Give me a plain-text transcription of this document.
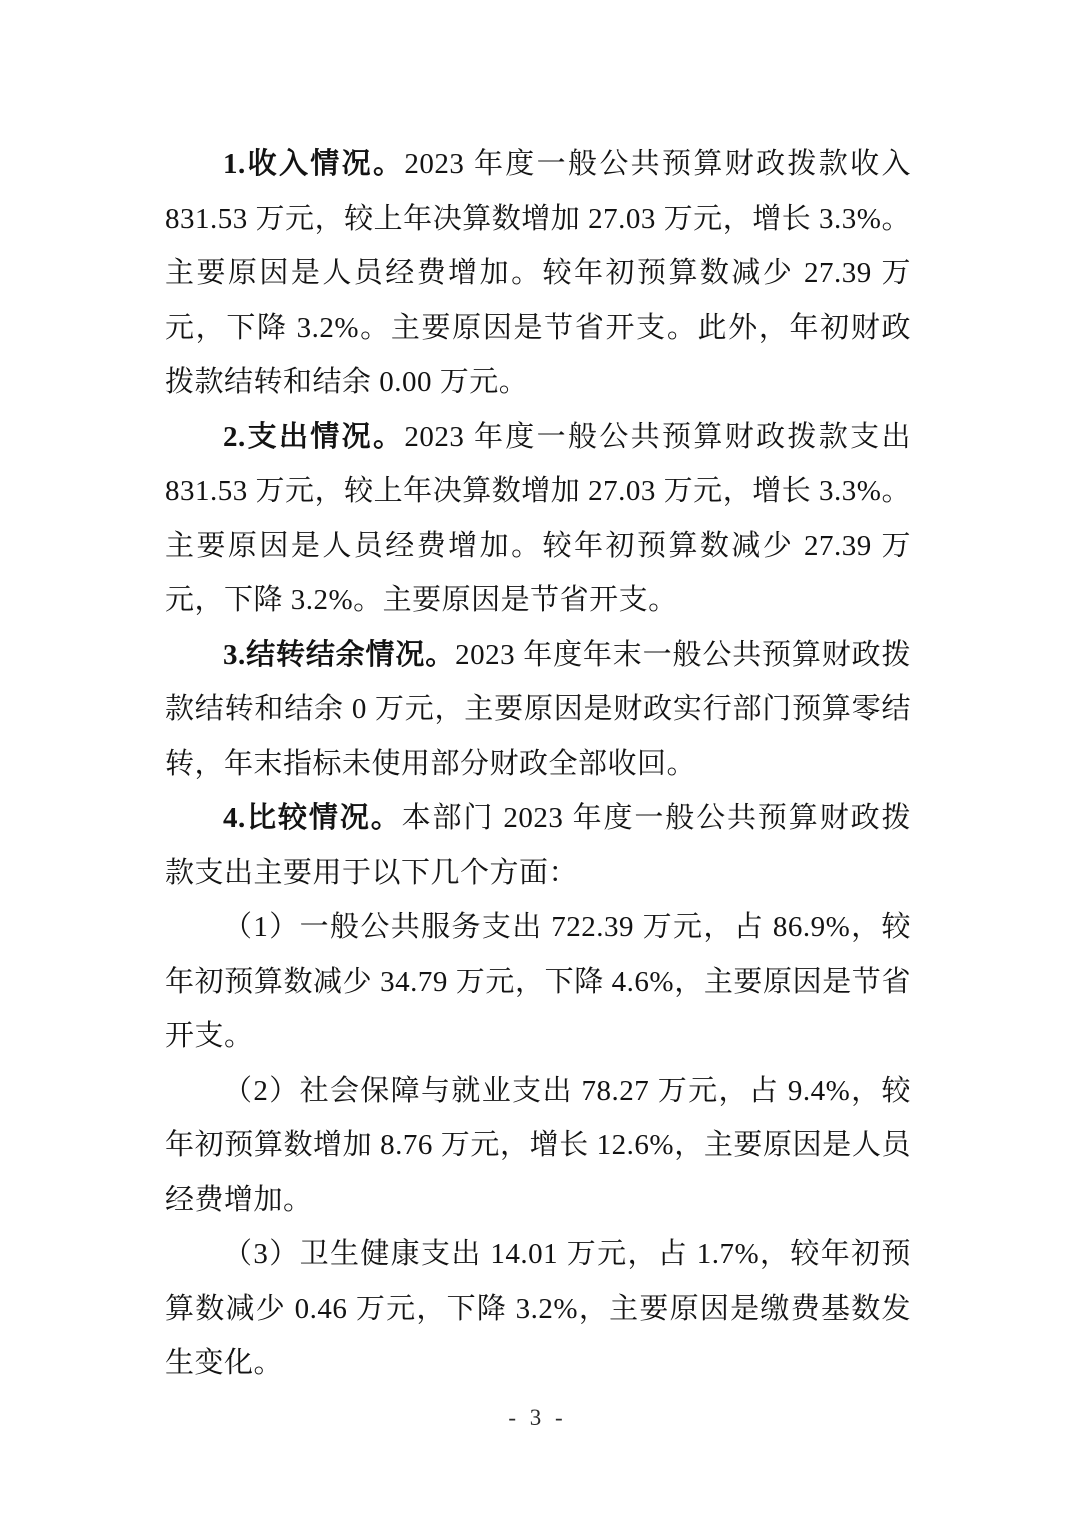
1.收入情况。2023 年度一般公共预算财政拨款收入 831.53 万元，较上年决算数增加 27.03 万元，增长 3.3%。主要原因是人员经费增加。较年初预算数减少 27.39 万元，下降 3.2%。主要原因是节省开支。此外，年初财政拨款结转和结余 0.00 万元。

2.支出情况。2023 年度一般公共预算财政拨款支出 831.53 万元，较上年决算数增加 27.03 万元，增长 3.3%。主要原因是人员经费增加。较年初预算数减少 27.39 万元，下降 3.2%。主要原因是节省开支。

3.结转结余情况。2023 年度年末一般公共预算财政拨款结转和结余 0 万元，主要原因是财政实行部门预算零结转，年末指标未使用部分财政全部收回。

4.比较情况。本部门 2023 年度一般公共预算财政拨款支出主要用于以下几个方面：

（1）一般公共服务支出 722.39 万元，占 86.9%，较年初预算数减少 34.79 万元，下降 4.6%，主要原因是节省开支。

（2）社会保障与就业支出 78.27 万元，占 9.4%，较年初预算数增加 8.76 万元，增长 12.6%，主要原因是人员经费增加。

（3）卫生健康支出 14.01 万元，占 1.7%，较年初预算数减少 0.46 万元，下降 3.2%，主要原因是缴费基数发生变化。

- 3 -
